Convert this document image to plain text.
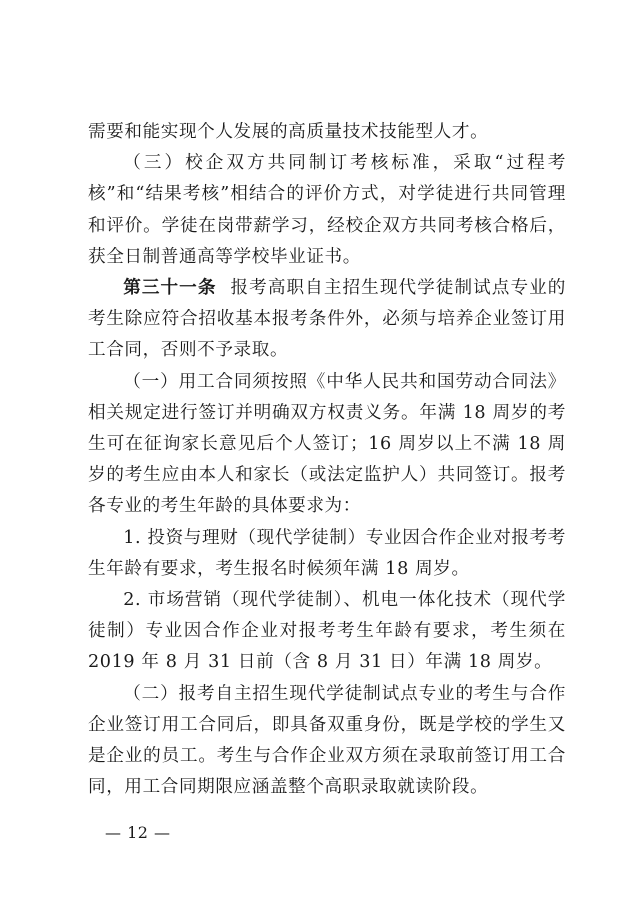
需要和能实现个人发展的高质量技术技能型人才。

（三）校企双方共同制订考核标准，采取“过程考核”和“结果考核”相结合的评价方式，对学徒进行共同管理和评价。学徒在岗带薪学习，经校企双方共同考核合格后，获全日制普通高等学校毕业证书。

第三十一条 报考高职自主招生现代学徒制试点专业的考生除应符合招收基本报考条件外，必须与培养企业签订用工合同，否则不予录取。

（一）用工合同须按照《中华人民共和国劳动合同法》相关规定进行签订并明确双方权责义务。年满 18 周岁的考生可在征询家长意见后个人签订；16 周岁以上不满 18 周岁的考生应由本人和家长（或法定监护人）共同签订。报考各专业的考生年龄的具体要求为：

1. 投资与理财（现代学徒制）专业因合作企业对报考考生年龄有要求，考生报名时候须年满 18 周岁。

2. 市场营销（现代学徒制）、机电一体化技术（现代学徒制）专业因合作企业对报考考生年龄有要求，考生须在 2019 年 8 月 31 日前（含 8 月 31 日）年满 18 周岁。

（二）报考自主招生现代学徒制试点专业的考生与合作企业签订用工合同后，即具备双重身份，既是学校的学生又是企业的员工。考生与合作企业双方须在录取前签订用工合同，用工合同期限应涵盖整个高职录取就读阶段。

— 12 —
